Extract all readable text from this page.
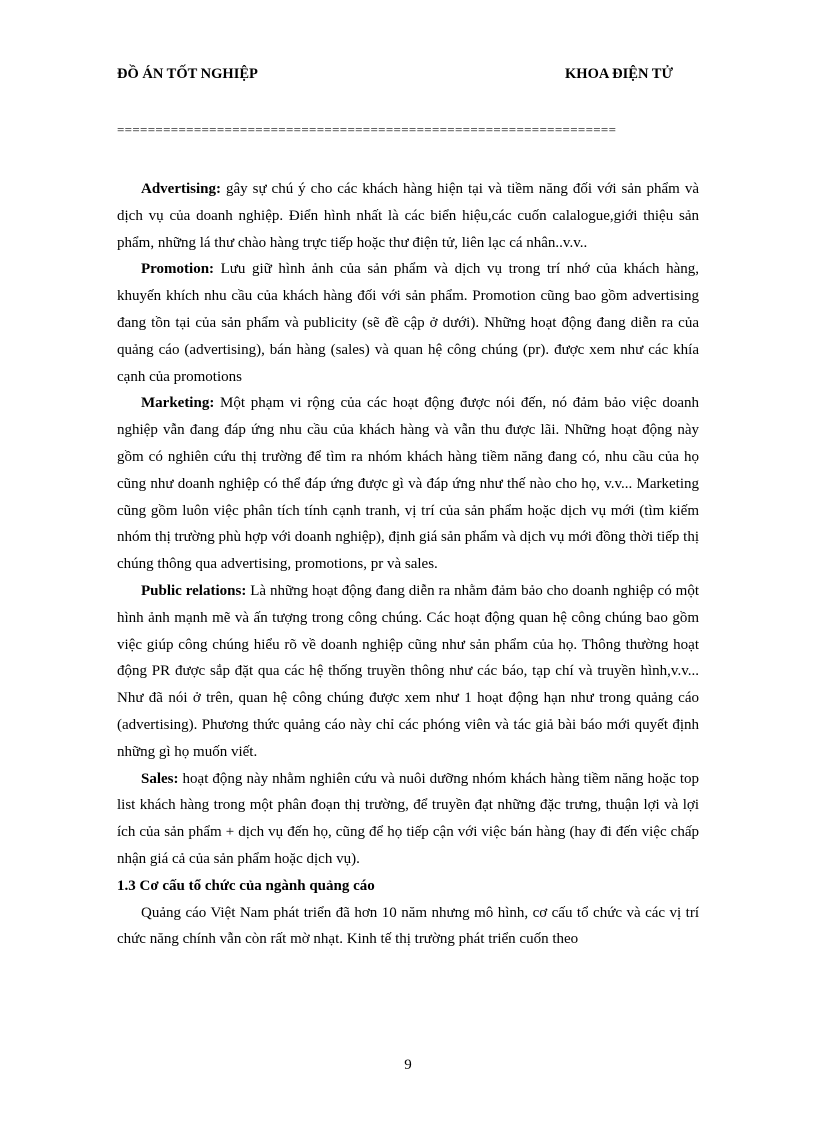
ĐỒ ÁN TỐT NGHIỆP	KHOA ĐIỆN TỬ
=================================================================

Advertising: gây sự chú ý cho các khách hàng hiện tại và tiềm năng đối với sản phẩm và dịch vụ của doanh nghiệp. Điển hình nhất là các biển hiệu,các cuốn calalogue,giới thiệu sản phẩm, những lá thư chào hàng trực tiếp hoặc thư điện tử, liên lạc cá nhân..v.v..

Promotion: Lưu giữ hình ảnh của sản phẩm và dịch vụ trong trí nhớ của khách hàng, khuyến khích nhu cầu của khách hàng đối với sản phẩm. Promotion cũng bao gồm advertising đang tồn tại của sản phẩm và publicity (sẽ đề cập ở dưới). Những hoạt động đang diễn ra của quảng cáo (advertising), bán hàng (sales) và quan hệ công chúng (pr). được xem như các khía cạnh của promotions

Marketing: Một phạm vi rộng của các hoạt động được nói đến, nó đảm bảo việc doanh nghiệp vẫn đang đáp ứng nhu cầu của khách hàng và vẫn thu được lãi. Những hoạt động này gồm có nghiên cứu thị trường để tìm ra nhóm khách hàng tiềm năng đang có, nhu cầu của họ cũng như doanh nghiệp có thể đáp ứng được gì và đáp ứng như thế nào cho họ, v.v... Marketing cũng gồm luôn việc phân tích tính cạnh tranh, vị trí của sản phẩm hoặc dịch vụ mới (tìm kiếm nhóm thị trường phù hợp với doanh nghiệp), định giá sản phẩm và dịch vụ mới đồng thời tiếp thị chúng thông qua advertising, promotions, pr và sales.

Public relations: Là những hoạt động đang diễn ra nhằm đảm bảo cho doanh nghiệp có một hình ảnh mạnh mẽ và ấn tượng trong công chúng. Các hoạt động quan hệ công chúng bao gồm việc giúp công chúng hiểu rõ về doanh nghiệp cũng như sản phẩm của họ. Thông thường hoạt động PR được sắp đặt qua các hệ thống truyền thông như các báo, tạp chí và truyền hình,v.v... Như đã nói ở trên, quan hệ công chúng được xem như 1 hoạt động hạn như trong quảng cáo (advertising). Phương thức quảng cáo này chỉ các phóng viên và tác giả bài báo mới quyết định những gì họ muốn viết.

Sales: hoạt động này nhằm nghiên cứu và nuôi dưỡng nhóm khách hàng tiềm năng hoặc top list khách hàng trong một phân đoạn thị trường, để truyền đạt những đặc trưng, thuận lợi và lợi ích của sản phẩm + dịch vụ đến họ, cũng để họ tiếp cận với việc bán hàng (hay đi đến việc chấp nhận giá cả của sản phẩm hoặc dịch vụ).

1.3 Cơ cấu tổ chức của ngành quảng cáo

Quảng cáo Việt Nam phát triển đã hơn 10 năm nhưng mô hình, cơ cấu tổ chức và các vị trí chức năng chính vẫn còn rất mờ nhạt. Kinh tế thị trường phát triển cuốn theo

9
